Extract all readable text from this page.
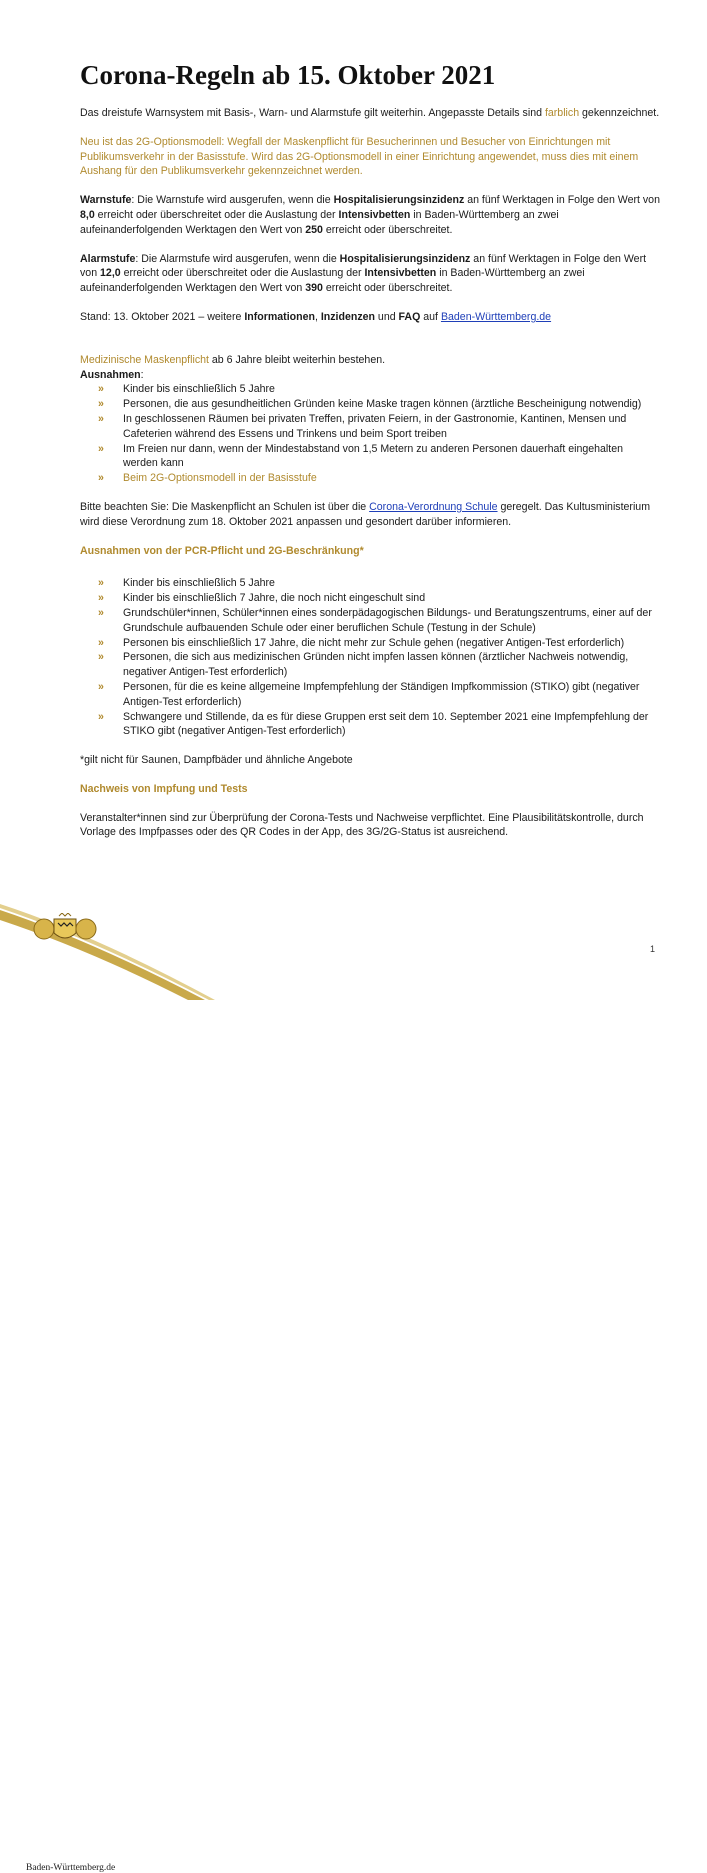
Corona-Regeln ab 15. Oktober 2021

Das dreistufe Warnsystem mit Basis-, Warn- und Alarmstufe gilt weiterhin. Angepasste Details sind farblich gekennzeichnet.

Neu ist das 2G-Optionsmodell: Wegfall der Maskenpflicht für Besucherinnen und Besucher von Einrichtungen mit Publikumsverkehr in der Basisstufe. Wird das 2G-Optionsmodell in einer Einrichtung angewendet, muss dies mit einem Aushang für den Publikumsverkehr gekennzeichnet werden.

Warnstufe: Die Warnstufe wird ausgerufen, wenn die Hospitalisierungsinzidenz an fünf Werktagen in Folge den Wert von 8,0 erreicht oder überschreitet oder die Auslastung der Intensivbetten in Baden-Württemberg an zwei aufeinanderfolgenden Werktagen den Wert von 250 erreicht oder überschreitet.

Alarmstufe: Die Alarmstufe wird ausgerufen, wenn die Hospitalisierungsinzidenz an fünf Werktagen in Folge den Wert von 12,0 erreicht oder überschreitet oder die Auslastung der Intensivbetten in Baden-Württemberg an zwei aufeinanderfolgenden Werktagen den Wert von 390 erreicht oder überschreitet.

Stand: 13. Oktober 2021 – weitere Informationen, Inzidenzen und FAQ auf Baden-Württemberg.de

Medizinische Maskenpflicht ab 6 Jahre bleibt weiterhin bestehen.

Ausnahmen:

» Kinder bis einschließlich 5 Jahre
» Personen, die aus gesundheitlichen Gründen keine Maske tragen können (ärztliche Bescheinigung notwendig)
» In geschlossenen Räumen bei privaten Treffen, privaten Feiern, in der Gastronomie, Kantinen, Mensen und Cafeterien während des Essens und Trinkens und beim Sport treiben
» Im Freien nur dann, wenn der Mindestabstand von 1,5 Metern zu anderen Personen dauerhaft eingehalten werden kann
» Beim 2G-Optionsmodell in der Basisstufe

Bitte beachten Sie: Die Maskenpflicht an Schulen ist über die Corona-Verordnung Schule geregelt. Das Kultusministerium wird diese Verordnung zum 18. Oktober 2021 anpassen und gesondert darüber informieren.

Ausnahmen von der PCR-Pflicht und 2G-Beschränkung*

» Kinder bis einschließlich 5 Jahre
» Kinder bis einschließlich 7 Jahre, die noch nicht eingeschult sind
» Grundschüler*innen, Schüler*innen eines sonderpädagogischen Bildungs- und Beratungszentrums, einer auf der Grundschule aufbauenden Schule oder einer beruflichen Schule (Testung in der Schule)
» Personen bis einschließlich 17 Jahre, die nicht mehr zur Schule gehen (negativer Antigen-Test erforderlich)
» Personen, die sich aus medizinischen Gründen nicht impfen lassen können (ärztlicher Nachweis notwendig, negativer Antigen-Test erforderlich)
» Personen, für die es keine allgemeine Impfempfehlung der Ständigen Impfkommission (STIKO) gibt (negativer Antigen-Test erforderlich)
» Schwangere und Stillende, da es für diese Gruppen erst seit dem 10. September 2021 eine Impfempfehlung der STIKO gibt (negativer Antigen-Test erforderlich)

*gilt nicht für Saunen, Dampfbäder und ähnliche Angebote

Nachweis von Impfung und Tests

Veranstalter*innen sind zur Überprüfung der Corona-Tests und Nachweise verpflichtet. Eine Plausibilitätskontrolle, durch Vorlage des Impfpasses oder des QR Codes in der App, des 3G/2G-Status ist ausreichend.

1
Baden-Württemberg.de
